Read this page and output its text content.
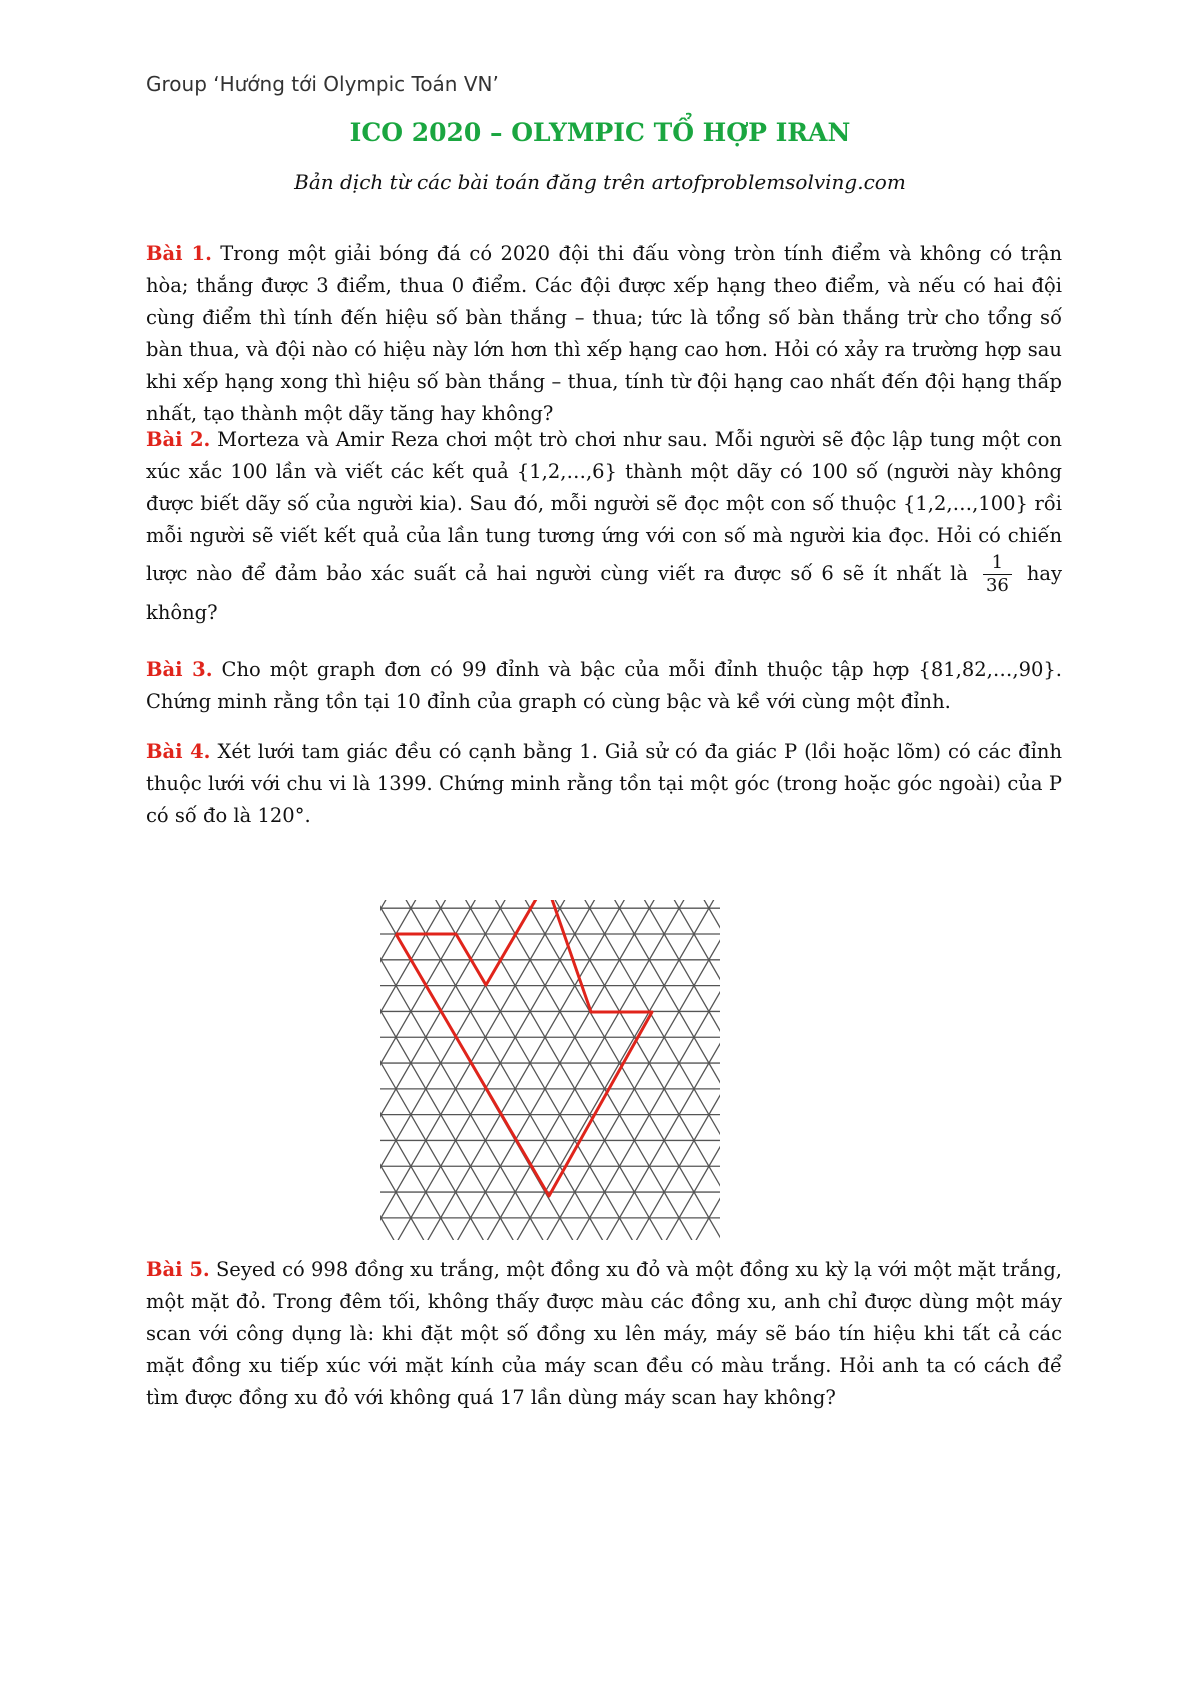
Group ‘Hướng tới Olympic Toán VN’
ICO 2020 – OLYMPIC TỔ HỢP IRAN
Bản dịch từ các bài toán đăng trên artofproblemsolving.com
Bài 1. Trong một giải bóng đá có 2020 đội thi đấu vòng tròn tính điểm và không có trận hòa; thắng được 3 điểm, thua 0 điểm. Các đội được xếp hạng theo điểm, và nếu có hai đội cùng điểm thì tính đến hiệu số bàn thắng – thua; tức là tổng số bàn thắng trừ cho tổng số bàn thua, và đội nào có hiệu này lớn hơn thì xếp hạng cao hơn. Hỏi có xảy ra trường hợp sau khi xếp hạng xong thì hiệu số bàn thắng – thua, tính từ đội hạng cao nhất đến đội hạng thấp nhất, tạo thành một dãy tăng hay không?
Bài 2. Morteza và Amir Reza chơi một trò chơi như sau. Mỗi người sẽ độc lập tung một con xúc xắc 100 lần và viết các kết quả {1,2,…,6} thành một dãy có 100 số (người này không được biết dãy số của người kia). Sau đó, mỗi người sẽ đọc một con số thuộc {1,2,…,100} rồi mỗi người sẽ viết kết quả của lần tung tương ứng với con số mà người kia đọc. Hỏi có chiến lược nào để đảm bảo xác suất cả hai người cùng viết ra được số 6 sẽ ít nhất là $\frac{1}{36}$ hay không?
Bài 3. Cho một graph đơn có 99 đỉnh và bậc của mỗi đỉnh thuộc tập hợp {81,82,…,90}. Chứng minh rằng tồn tại 10 đỉnh của graph có cùng bậc và kề với cùng một đỉnh.
Bài 4. Xét lưới tam giác đều có cạnh bằng 1. Giả sử có đa giác P (lồi hoặc lõm) có các đỉnh thuộc lưới với chu vi là 1399. Chứng minh rằng tồn tại một góc (trong hoặc góc ngoài) của P có số đo là 120°.
Bài 5. Seyed có 998 đồng xu trắng, một đồng xu đỏ và một đồng xu kỳ lạ với một mặt trắng, một mặt đỏ. Trong đêm tối, không thấy được màu các đồng xu, anh chỉ được dùng một máy scan với công dụng là: khi đặt một số đồng xu lên máy, máy sẽ báo tín hiệu khi tất cả các mặt đồng xu tiếp xúc với mặt kính của máy scan đều có màu trắng. Hỏi anh ta có cách để tìm được đồng xu đỏ với không quá 17 lần dùng máy scan hay không?
